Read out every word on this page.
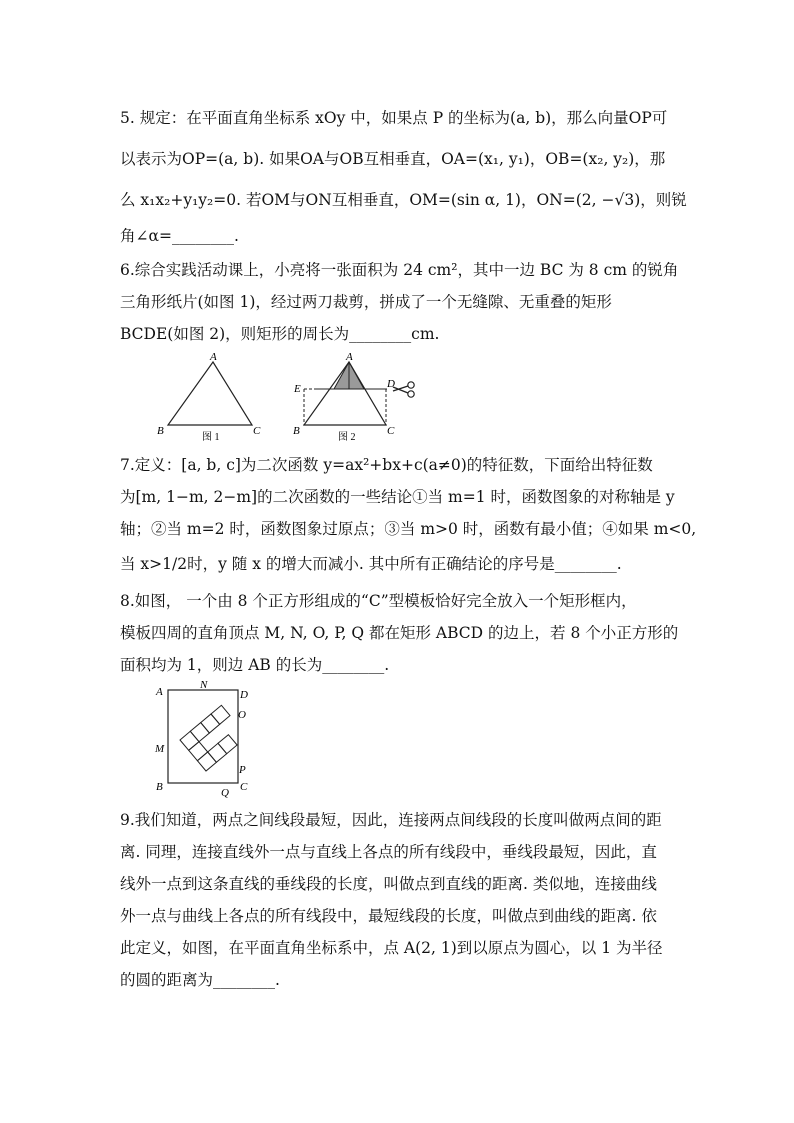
5. 规定：在平面直角坐标系 xOy 中，如果点 P 的坐标为(a, b)，那么向量OP可
以表示为OP=(a, b). 如果OA与OB互相垂直，OA=(x₁, y₁)，OB=(x₂, y₂)，那
么 x₁x₂+y₁y₂=0. 若OM与ON互相垂直，OM=(sin α, 1)，ON=(2, −√3)，则锐
角∠α=________.
6.综合实践活动课上，小亮将一张面积为 24 cm²，其中一边 BC 为 8 cm 的锐角
三角形纸片(如图 1)，经过两刀裁剪，拼成了一个无缝隙、无重叠的矩形
BCDE(如图 2)，则矩形的周长为________cm.
A
B	C
图 1
A
E	D
B	C
图 2
7.定义：[a, b, c]为二次函数 y=ax²+bx+c(a≠0)的特征数，下面给出特征数
为[m, 1−m, 2−m]的二次函数的一些结论①当 m=1 时，函数图象的对称轴是 y
轴；②当 m=2 时，函数图象过原点；③当 m>0 时，函数有最小值；④如果 m<0,
当 x>1/2时，y 随 x 的增大而减小. 其中所有正确结论的序号是________.
8.如图， 一个由 8 个正方形组成的“C”型模板恰好完全放入一个矩形框内，
模板四周的直角顶点 M, N, O, P, Q 都在矩形 ABCD 的边上，若 8 个小正方形的
面积均为 1，则边 AB 的长为________.
A	D
N
O
M
P
B	C
Q
9.我们知道，两点之间线段最短，因此，连接两点间线段的长度叫做两点间的距
离. 同理，连接直线外一点与直线上各点的所有线段中，垂线段最短，因此，直
线外一点到这条直线的垂线段的长度，叫做点到直线的距离. 类似地，连接曲线
外一点与曲线上各点的所有线段中，最短线段的长度，叫做点到曲线的距离. 依
此定义，如图，在平面直角坐标系中，点 A(2, 1)到以原点为圆心，以 1 为半径
的圆的距离为________.
